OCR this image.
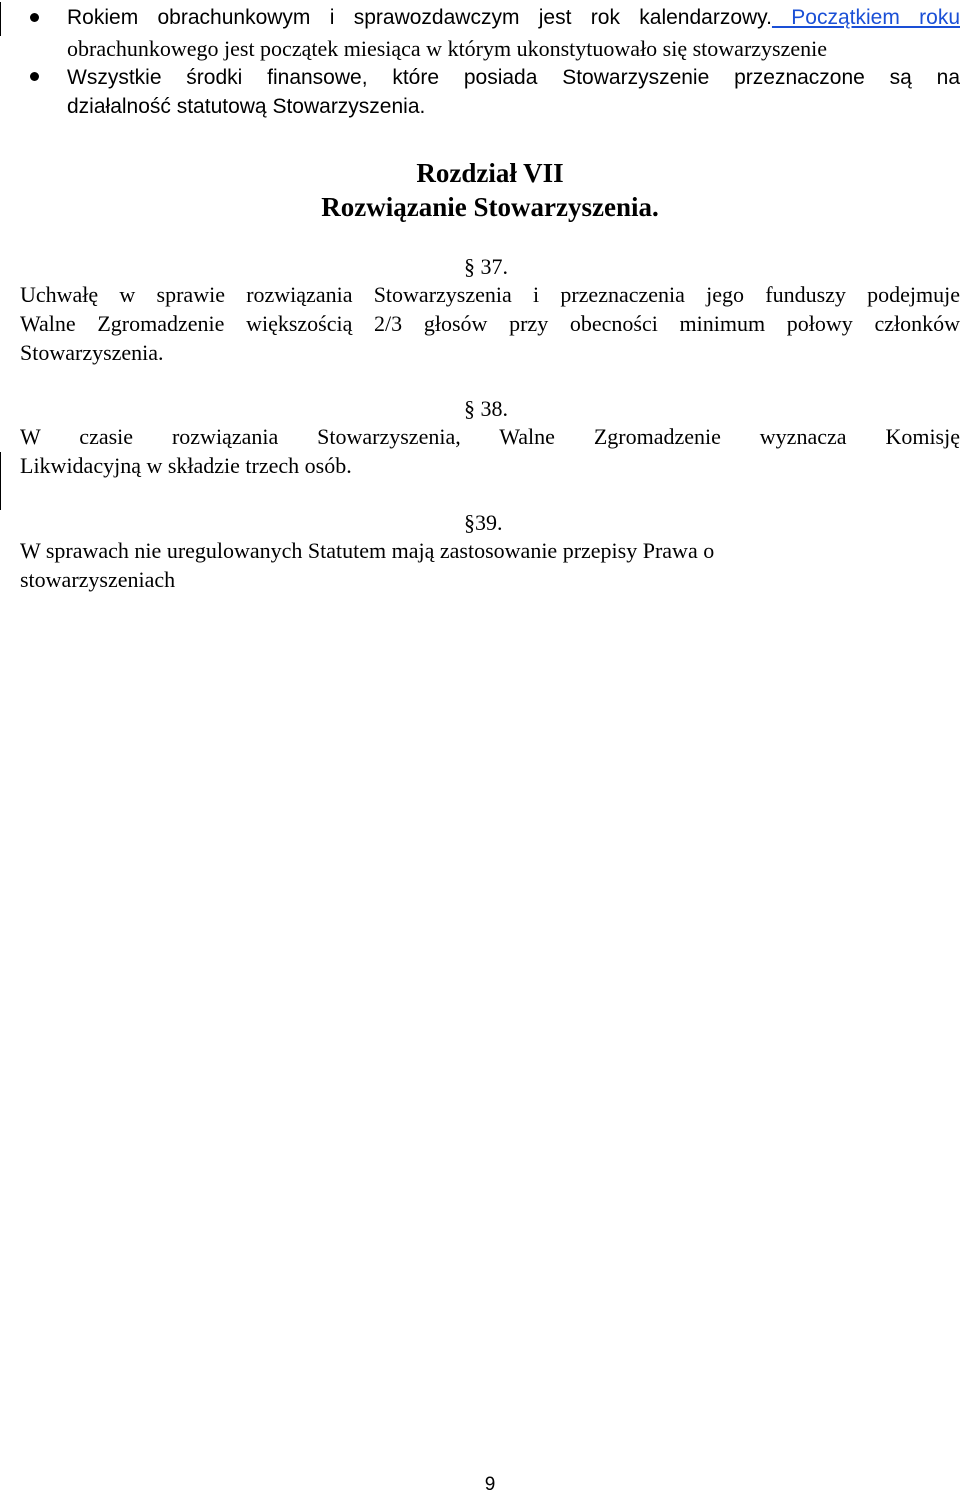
Rokiem obrachunkowym i sprawozdawczym jest rok kalendarzowy. Początkiem roku
obrachunkowego jest początek miesiąca w którym ukonstytuowało się stowarzyszenie
Wszystkie środki finansowe, które posiada Stowarzyszenie przeznaczone są na
działalność statutową Stowarzyszenia.
Rozdział VII
Rozwiązanie Stowarzyszenia.
§ 37.
Uchwałę w sprawie rozwiązania Stowarzyszenia i przeznaczenia jego funduszy podejmuje
Walne Zgromadzenie większością 2/3 głosów przy obecności minimum połowy członków
Stowarzyszenia.
§ 38.
W czasie rozwiązania Stowarzyszenia, Walne Zgromadzenie wyznacza Komisję
Likwidacyjną w składzie trzech osób.
§39.
W sprawach nie uregulowanych Statutem mają zastosowanie przepisy Prawa o
stowarzyszeniach
9
